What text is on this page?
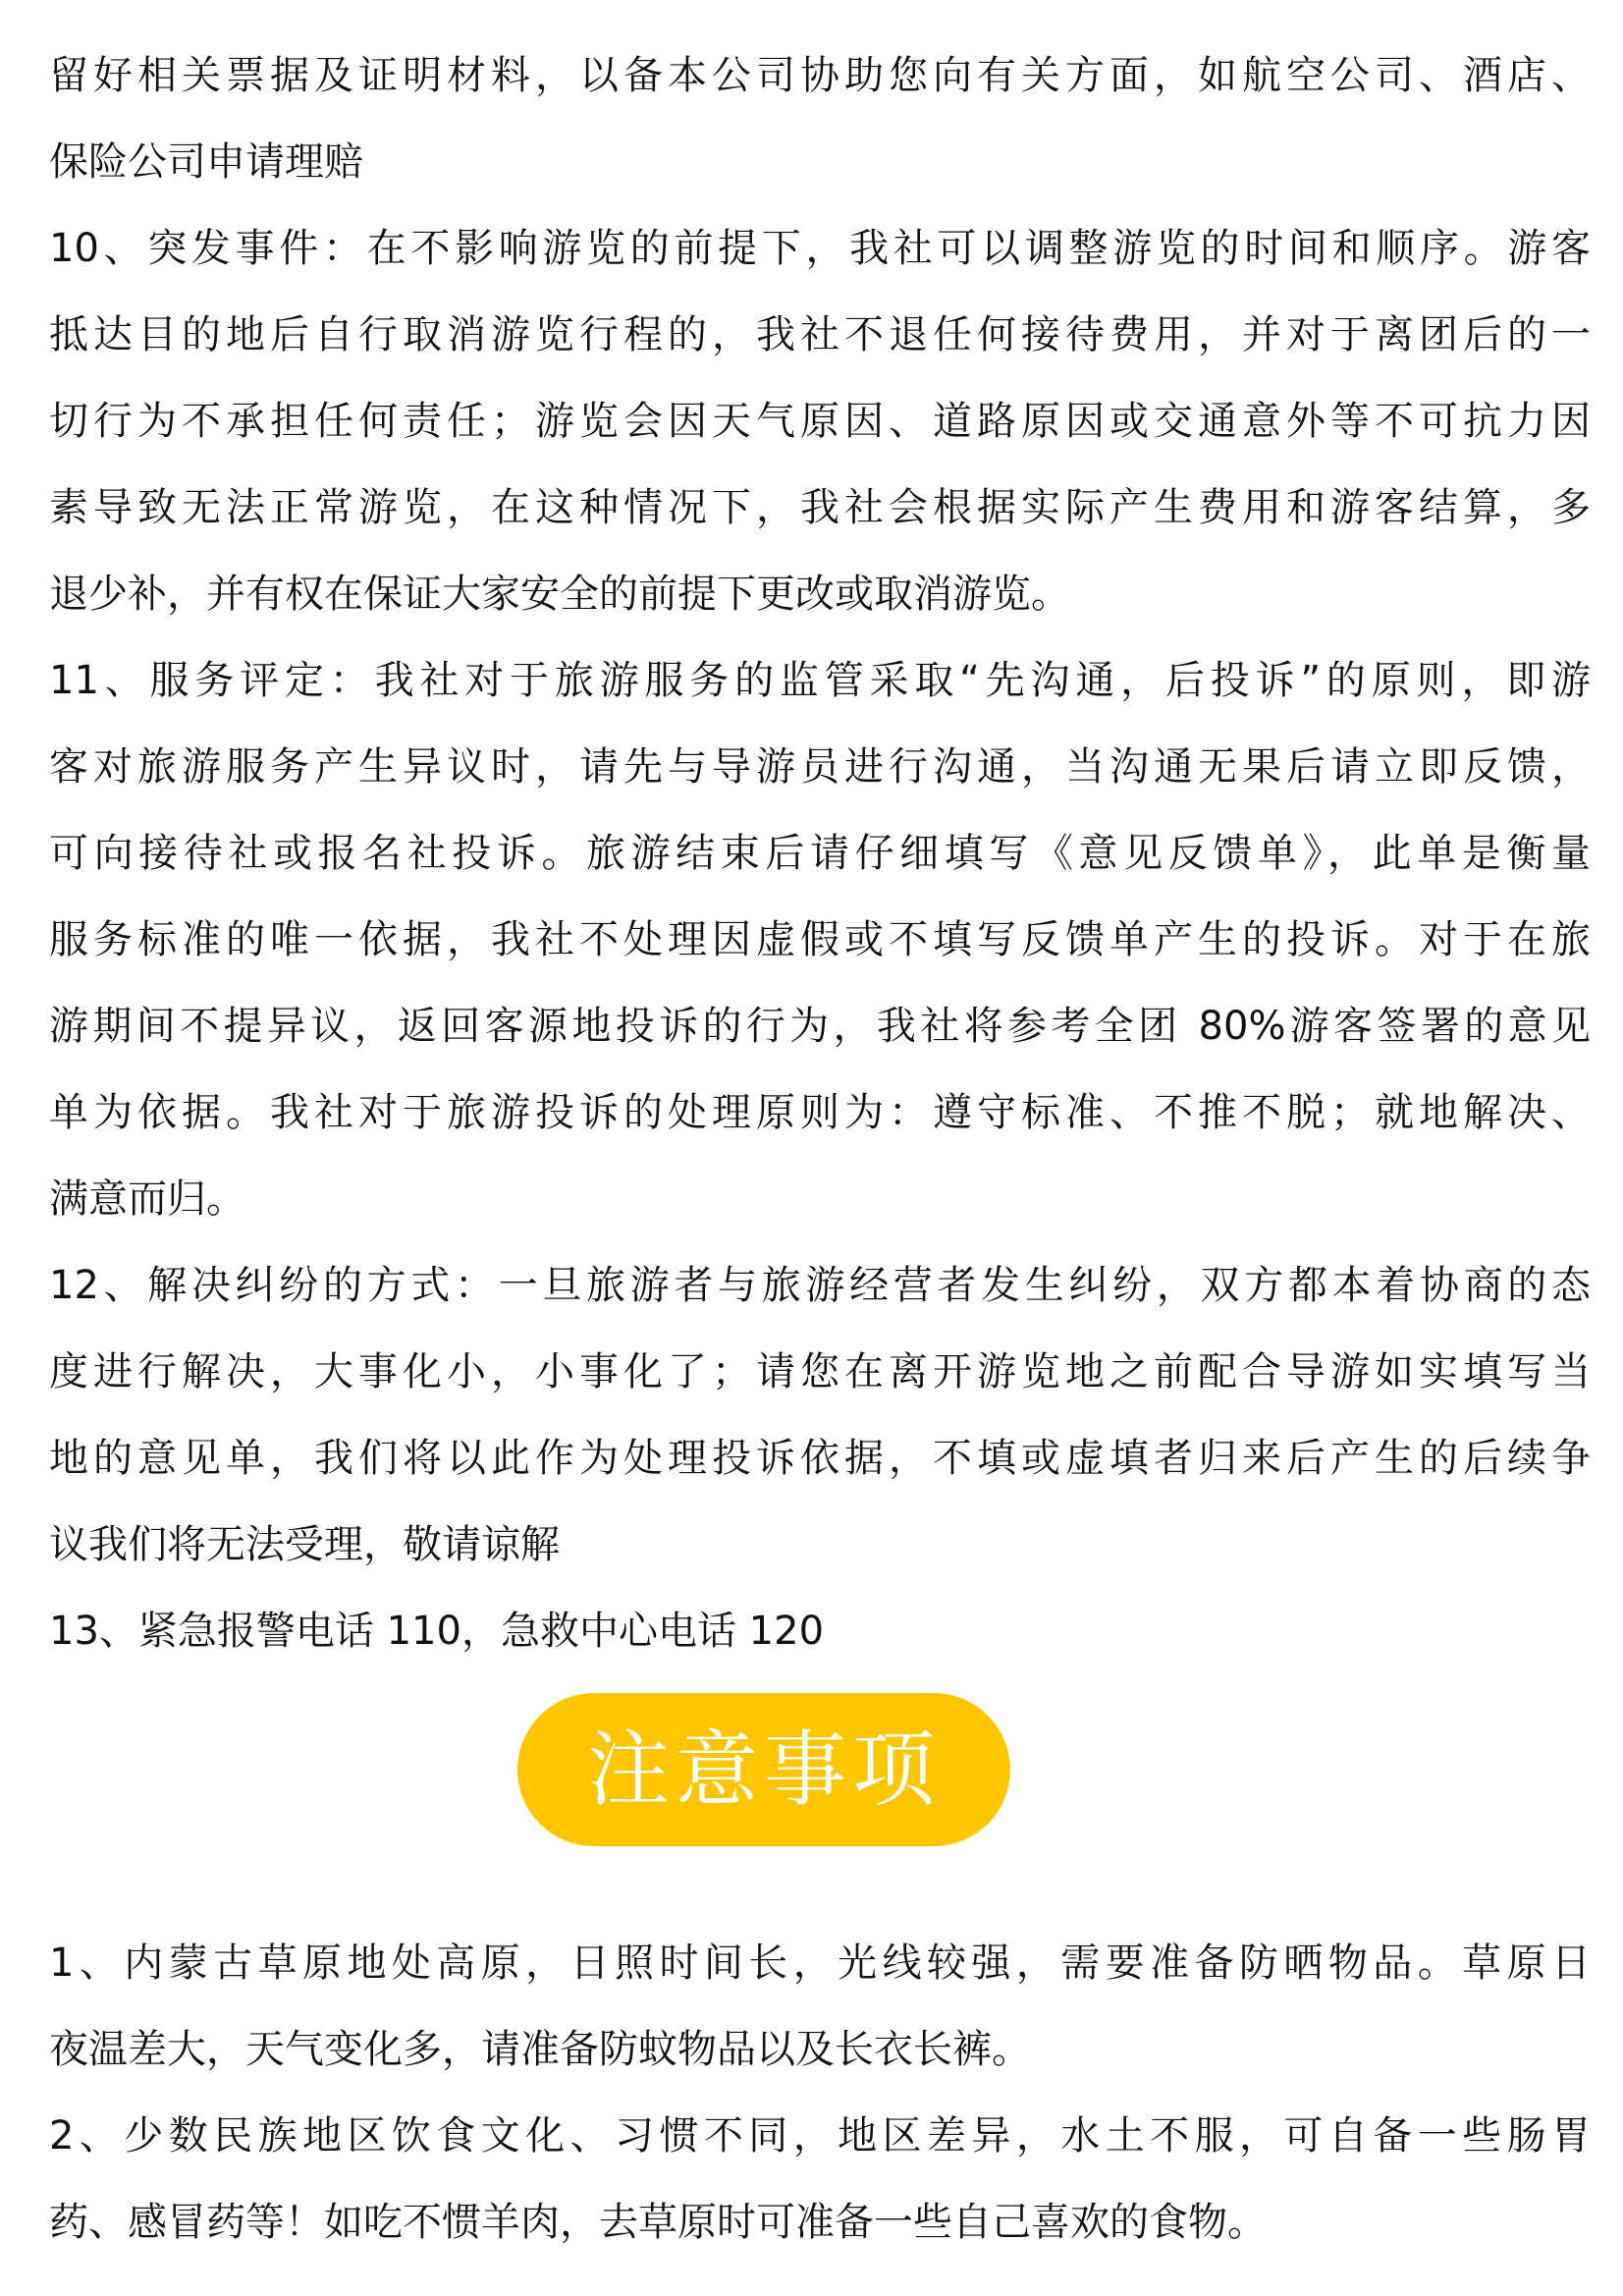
留好相关票据及证明材料，以备本公司协助您向有关方面，如航空公司、酒店、
保险公司申请理赔
10、突发事件：在不影响游览的前提下，我社可以调整游览的时间和顺序。游客
抵达目的地后自行取消游览行程的，我社不退任何接待费用，并对于离团后的一
切行为不承担任何责任；游览会因天气原因、道路原因或交通意外等不可抗力因
素导致无法正常游览，在这种情况下，我社会根据实际产生费用和游客结算，多
退少补，并有权在保证大家安全的前提下更改或取消游览。
11、服务评定：我社对于旅游服务的监管采取“先沟通，后投诉”的原则，即游
客对旅游服务产生异议时，请先与导游员进行沟通，当沟通无果后请立即反馈，
可向接待社或报名社投诉。旅游结束后请仔细填写《意见反馈单》，此单是衡量
服务标准的唯一依据，我社不处理因虚假或不填写反馈单产生的投诉。对于在旅
游期间不提异议，返回客源地投诉的行为，我社将参考全团 80%游客签署的意见
单为依据。我社对于旅游投诉的处理原则为：遵守标准、不推不脱；就地解决、
满意而归。
12、解决纠纷的方式：一旦旅游者与旅游经营者发生纠纷，双方都本着协商的态
度进行解决，大事化小，小事化了；请您在离开游览地之前配合导游如实填写当
地的意见单，我们将以此作为处理投诉依据，不填或虚填者归来后产生的后续争
议我们将无法受理，敬请谅解
13、紧急报警电话 110，急救中心电话 120
注意事项
1、内蒙古草原地处高原，日照时间长，光线较强，需要准备防晒物品。草原日
夜温差大，天气变化多，请准备防蚊物品以及长衣长裤。
2、少数民族地区饮食文化、习惯不同，地区差异，水土不服，可自备一些肠胃
药、感冒药等！如吃不惯羊肉，去草原时可准备一些自己喜欢的食物。
